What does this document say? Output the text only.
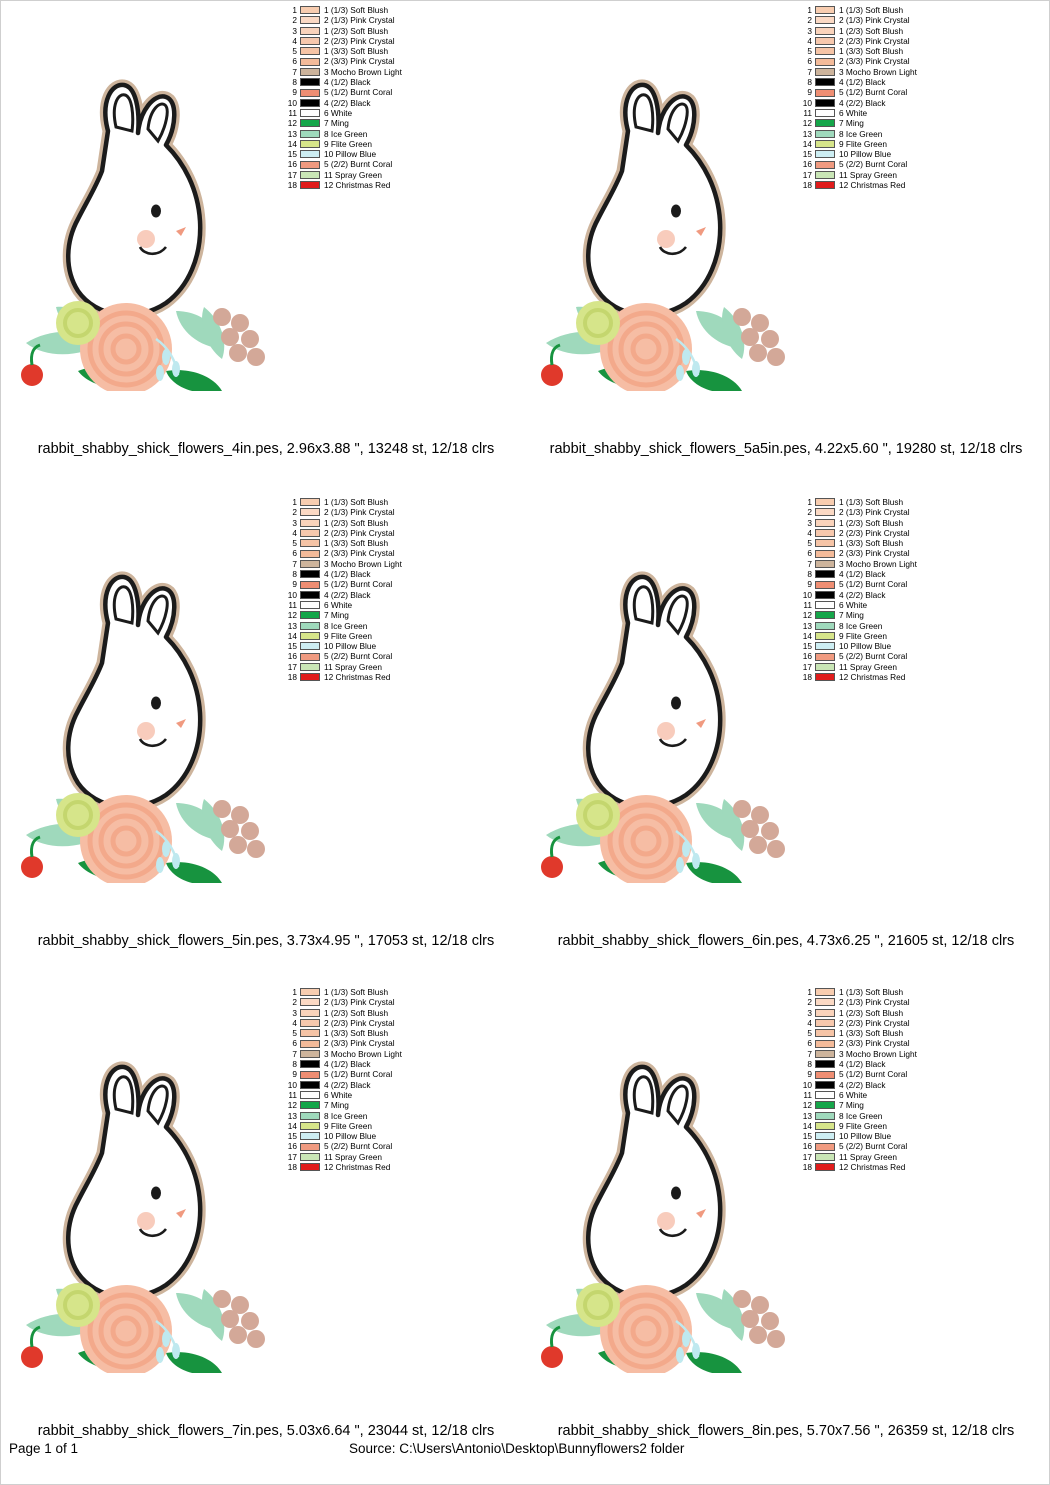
1	1 (1/3) Soft Blush
2	2 (1/3) Pink Crystal
3	1 (2/3) Soft Blush
4	2 (2/3) Pink Crystal
5	1 (3/3) Soft Blush
6	2 (3/3) Pink Crystal
7	3 Mocho Brown Light
8	4 (1/2) Black
9	5 (1/2) Burnt Coral
10	4 (2/2) Black
11	6 White
12	7 Ming
13	8 Ice Green
14	9 Flite Green
15	10 Pillow Blue
16	5 (2/2) Burnt Coral
17	11 Spray Green
18	12 Christmas Red
rabbit_shabby_shick_flowers_4in.pes, 2.96x3.88 ", 13248 st, 12/18 clrs
1	1 (1/3) Soft Blush
2	2 (1/3) Pink Crystal
3	1 (2/3) Soft Blush
4	2 (2/3) Pink Crystal
5	1 (3/3) Soft Blush
6	2 (3/3) Pink Crystal
7	3 Mocho Brown Light
8	4 (1/2) Black
9	5 (1/2) Burnt Coral
10	4 (2/2) Black
11	6 White
12	7 Ming
13	8 Ice Green
14	9 Flite Green
15	10 Pillow Blue
16	5 (2/2) Burnt Coral
17	11 Spray Green
18	12 Christmas Red
rabbit_shabby_shick_flowers_5a5in.pes, 4.22x5.60 ", 19280 st, 12/18 clrs
1	1 (1/3) Soft Blush
2	2 (1/3) Pink Crystal
3	1 (2/3) Soft Blush
4	2 (2/3) Pink Crystal
5	1 (3/3) Soft Blush
6	2 (3/3) Pink Crystal
7	3 Mocho Brown Light
8	4 (1/2) Black
9	5 (1/2) Burnt Coral
10	4 (2/2) Black
11	6 White
12	7 Ming
13	8 Ice Green
14	9 Flite Green
15	10 Pillow Blue
16	5 (2/2) Burnt Coral
17	11 Spray Green
18	12 Christmas Red
rabbit_shabby_shick_flowers_5in.pes, 3.73x4.95 ", 17053 st, 12/18 clrs
1	1 (1/3) Soft Blush
2	2 (1/3) Pink Crystal
3	1 (2/3) Soft Blush
4	2 (2/3) Pink Crystal
5	1 (3/3) Soft Blush
6	2 (3/3) Pink Crystal
7	3 Mocho Brown Light
8	4 (1/2) Black
9	5 (1/2) Burnt Coral
10	4 (2/2) Black
11	6 White
12	7 Ming
13	8 Ice Green
14	9 Flite Green
15	10 Pillow Blue
16	5 (2/2) Burnt Coral
17	11 Spray Green
18	12 Christmas Red
rabbit_shabby_shick_flowers_6in.pes, 4.73x6.25 ", 21605 st, 12/18 clrs
1	1 (1/3) Soft Blush
2	2 (1/3) Pink Crystal
3	1 (2/3) Soft Blush
4	2 (2/3) Pink Crystal
5	1 (3/3) Soft Blush
6	2 (3/3) Pink Crystal
7	3 Mocho Brown Light
8	4 (1/2) Black
9	5 (1/2) Burnt Coral
10	4 (2/2) Black
11	6 White
12	7 Ming
13	8 Ice Green
14	9 Flite Green
15	10 Pillow Blue
16	5 (2/2) Burnt Coral
17	11 Spray Green
18	12 Christmas Red
rabbit_shabby_shick_flowers_7in.pes, 5.03x6.64 ", 23044 st, 12/18 clrs
1	1 (1/3) Soft Blush
2	2 (1/3) Pink Crystal
3	1 (2/3) Soft Blush
4	2 (2/3) Pink Crystal
5	1 (3/3) Soft Blush
6	2 (3/3) Pink Crystal
7	3 Mocho Brown Light
8	4 (1/2) Black
9	5 (1/2) Burnt Coral
10	4 (2/2) Black
11	6 White
12	7 Ming
13	8 Ice Green
14	9 Flite Green
15	10 Pillow Blue
16	5 (2/2) Burnt Coral
17	11 Spray Green
18	12 Christmas Red
rabbit_shabby_shick_flowers_8in.pes, 5.70x7.56 ", 26359 st, 12/18 clrs
Page 1 of 1	Source: C:\Users\Antonio\Desktop\Bunnyflowers2 folder
